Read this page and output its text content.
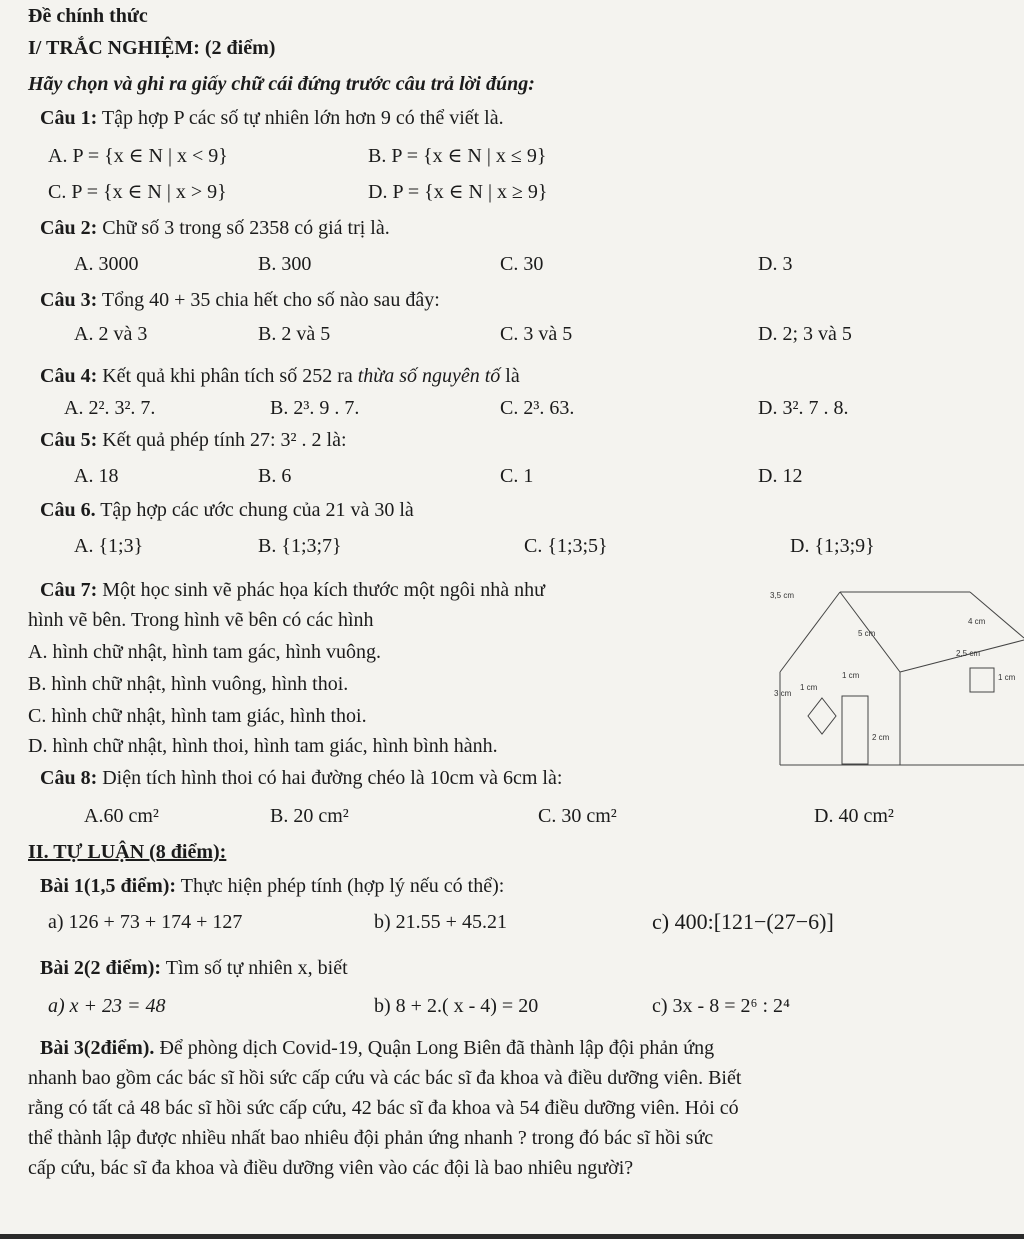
Đề chính thức
I/ TRẮC NGHIỆM: (2 điểm)
Hãy chọn và ghi ra giấy chữ cái đứng trước câu trả lời đúng:
Câu 1: Tập hợp P các số tự nhiên lớn hơn 9 có thể viết là.
A. P = {x ∈ N | x < 9}	B. P = {x ∈ N | x ≤ 9}
C. P = {x ∈ N | x > 9}	D. P = {x ∈ N | x ≥ 9}
Câu 2: Chữ số 3 trong số 2358 có giá trị là.
A. 3000	B. 300	C. 30	D. 3
Câu 3: Tổng 40 + 35 chia hết cho số nào sau đây:
A. 2 và 3	B. 2 và 5	C. 3 và 5	D. 2; 3 và 5
Câu 4: Kết quả khi phân tích số 252 ra thừa số nguyên tố là
A. 2². 3². 7.	B. 2³. 9 . 7.	C. 2³. 63.	D. 3². 7 . 8.
Câu 5: Kết quả phép tính 27: 3² . 2 là:
A. 18	B. 6	C. 1	D. 12
Câu 6. Tập hợp các ước chung của 21 và 30 là
A. {1;3}	B. {1;3;7}	C. {1;3;5}	D. {1;3;9}
Câu 7: Một học sinh vẽ phác họa kích thước một ngôi nhà như
hình vẽ bên. Trong hình vẽ bên có các hình
A. hình chữ nhật, hình tam gác, hình vuông.
B. hình chữ nhật, hình vuông, hình thoi.
C. hình chữ nhật, hình tam giác, hình thoi.
D. hình chữ nhật, hình thoi, hình tam giác, hình bình hành.
3,5 cm
5 cm
4 cm
2,5 cm
1 cm
1 cm
3 cm
1 cm
2 cm
Câu 8: Diện tích hình thoi có hai đường chéo là 10cm và 6cm là:
A.60 cm²	B. 20 cm²	C. 30 cm²	D. 40 cm²
II. TỰ LUẬN (8 điểm):
Bài 1(1,5 điểm): Thực hiện phép tính (hợp lý nếu có thể):
a) 126 + 73 + 174 + 127	b) 21.55 + 45.21	c) 400:[121−(27−6)]
Bài 2(2 điểm): Tìm số tự nhiên x, biết
a) x + 23 = 48	b) 8 + 2.( x - 4) = 20	c) 3x - 8 = 2⁶ : 2⁴
Bài 3(2điểm). Để phòng dịch Covid-19, Quận Long Biên đã thành lập đội phản ứng
nhanh bao gồm các bác sĩ hồi sức cấp cứu và các bác sĩ đa khoa và điều dưỡng viên. Biết
rằng có tất cả 48 bác sĩ hồi sức cấp cứu, 42 bác sĩ đa khoa và 54 điều dưỡng viên. Hỏi có
thể thành lập được nhiều nhất bao nhiêu đội phản ứng nhanh ? trong đó bác sĩ hồi sức
cấp cứu, bác sĩ đa khoa và điều dưỡng viên vào các đội là bao nhiêu người?
